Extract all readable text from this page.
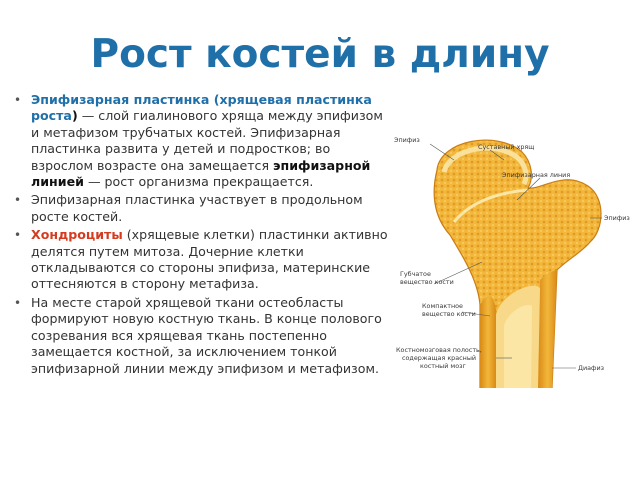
Рост костей в длину
• Эпифизарная пластинка (хрящевая пластинка роста) — слой гиалинового хряща между эпифизом и метафизом трубчатых костей. Эпифизарная пластинка развита у детей и подростков; во взрослом возрасте она замещается эпифизарной линией — рост организма прекращается.
• Эпифизарная пластинка участвует в продольном росте костей.
• Хондроциты (хрящевые клетки) пластинки активно делятся путем митоза. Дочерние клетки откладываются со стороны эпифиза, материнские оттесняются в сторону метафиза.
• На месте старой хрящевой ткани остеобласты формируют новую костную ткань. В конце полового созревания вся хрящевая ткань постепенно замещается костной, за исключением тонкой эпифизарной линии между эпифизом и метафизом.
Эпифиз
Суставный хрящ
Эпифизарная линия
Эпифиз
Губчатое
вещество кости
Компактное
вещество кости
Костномозговая полость,
содержащая красный
костный мозг	Диафиз
